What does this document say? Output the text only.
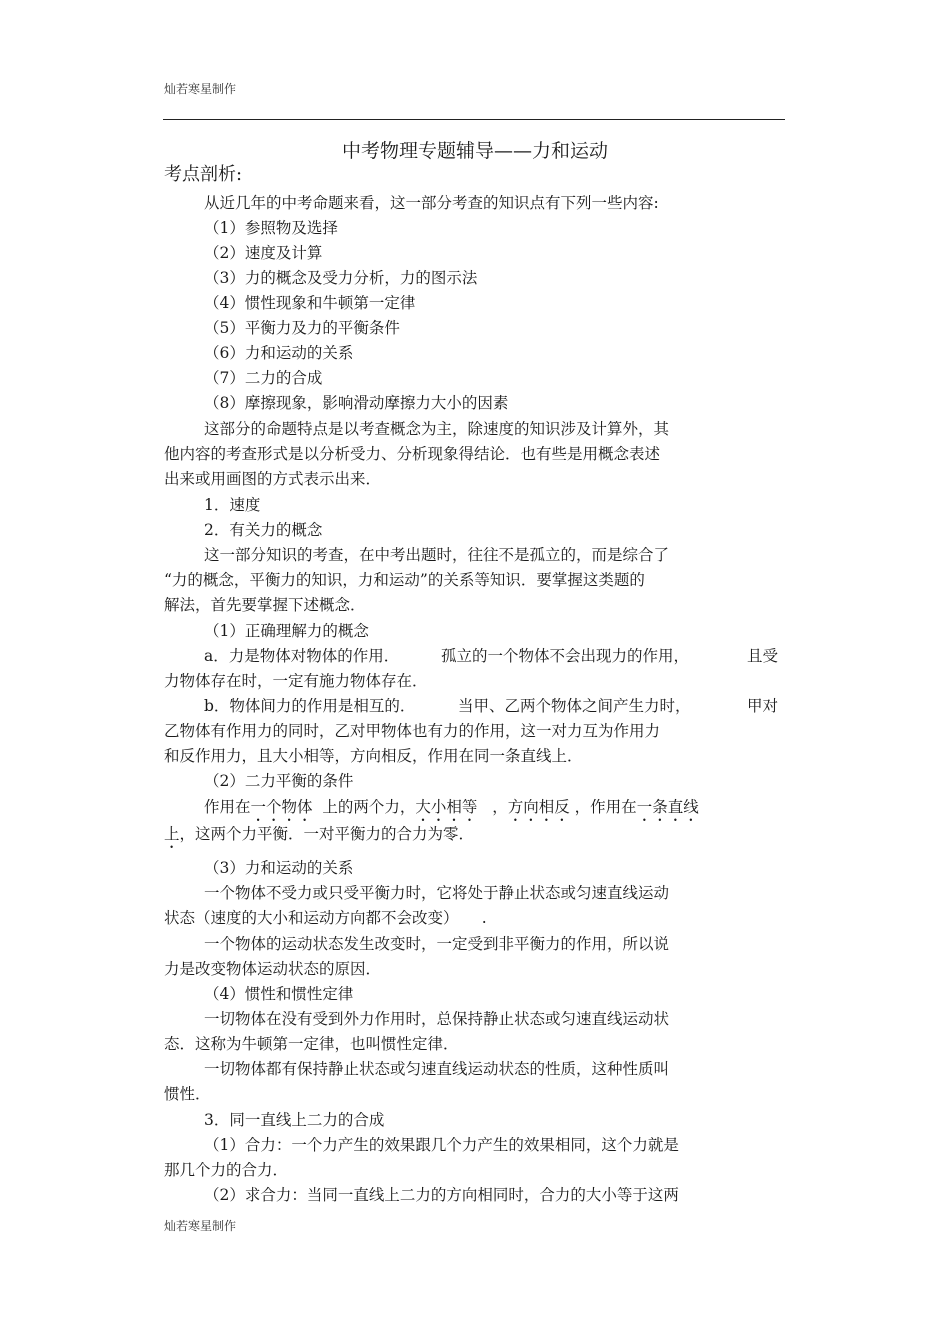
灿若寒星制作
中考物理专题辅导——力和运动
考点剖析:
从近几年的中考命题来看，这一部分考查的知识点有下列一些内容:
（1）参照物及选择
（2）速度及计算
（3）力的概念及受力分析，力的图示法
（4）惯性现象和牛顿第一定律
（5）平衡力及力的平衡条件
（6）力和运动的关系
（7）二力的合成
（8）摩擦现象，影响滑动摩擦力大小的因素
这部分的命题特点是以考查概念为主，除速度的知识涉及计算外，其
他内容的考查形式是以分析受力、分析现象得结论．也有些是用概念表述
出来或用画图的方式表示出来．
1．速度
2．有关力的概念
这一部分知识的考查，在中考出题时，往往不是孤立的，而是综合了
“力的概念，平衡力的知识，力和运动”的关系等知识．要掌握这类题的
解法，首先要掌握下述概念．
（1）正确理解力的概念
a．力是物体对物体的作用．	孤立的一个物体不会出现力的作用，	且受
力物体存在时，一定有施力物体存在．
b．物体间力的作用是相互的．	当甲、乙两个物体之间产生力时，	甲对
乙物体有作用力的同时，乙对甲物体也有力的作用，这一对力互为作用力
和反作用力，且大小相等，方向相反，作用在同一条直线上．
（2）二力平衡的条件
作用在一个物体 上的两个力，大小相等 ，方向相反 ，作用在一条直线
上，这两个力平衡．一对平衡力的合力为零．
（3）力和运动的关系
一个物体不受力或只受平衡力时，它将处于静止状态或匀速直线运动
状态（速度的大小和运动方向都不会改变）　　.
一个物体的运动状态发生改变时，一定受到非平衡力的作用，所以说
力是改变物体运动状态的原因．
（4）惯性和惯性定律
一切物体在没有受到外力作用时，总保持静止状态或匀速直线运动状
态．这称为牛顿第一定律，也叫惯性定律．
一切物体都有保持静止状态或匀速直线运动状态的性质，这种性质叫
惯性．
3．同一直线上二力的合成
（1）合力：一个力产生的效果跟几个力产生的效果相同，这个力就是
那几个力的合力．
（2）求合力：当同一直线上二力的方向相同时，合力的大小等于这两
灿若寒星制作
